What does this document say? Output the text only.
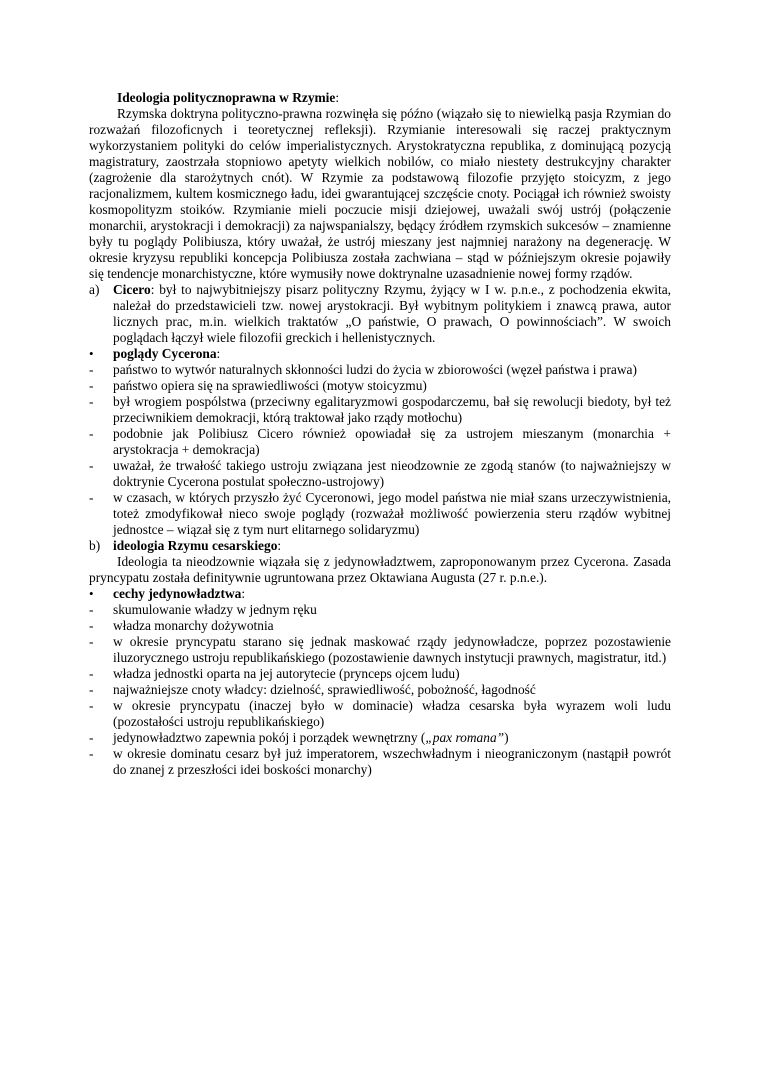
Ideologia politycznoprawna w Rzymie:

Rzymska doktryna polityczno-prawna rozwinęła się późno (wiązało się to niewielką pasja Rzymian do rozważań filozoficnych i teoretycznej refleksji). Rzymianie interesowali się raczej praktycznym wykorzystaniem polityki do celów imperialistycznych. Arystokratyczna republika, z dominującą pozycją magistratury, zaostrzała stopniowo apetyty wielkich nobilów, co miało niestety destrukcyjny charakter (zagrożenie dla starożytnych cnót). W Rzymie za podstawową filozofie przyjęto stoicyzm, z jego racjonalizmem, kultem kosmicznego ładu, idei gwarantującej szczęście cnoty. Pociągał ich również swoisty kosmopolityzm stoików. Rzymianie mieli poczucie misji dziejowej, uważali swój ustrój (połączenie monarchii, arystokracji i demokracji) za najwspanialszy, będący źródłem rzymskich sukcesów – znamienne były tu poglądy Polibiusza, który uważał, że ustrój mieszany jest najmniej narażony na degenerację. W okresie kryzysu republiki koncepcja Polibiusza została zachwiana – stąd w późniejszym okresie pojawiły się tendencje monarchistyczne, które wymusiły nowe doktrynalne uzasadnienie nowej formy rządów.

a)	Cicero: był to najwybitniejszy pisarz polityczny Rzymu, żyjący w I w. p.n.e., z pochodzenia ekwita, należał do przedstawicieli tzw. nowej arystokracji. Był wybitnym politykiem i znawcą prawa, autor licznych prac, m.in. wielkich traktatów „O państwie, O prawach, O powinnościach”. W swoich poglądach łączył wiele filozofii greckich i hellenistycznych.
•	poglądy Cycerona:
-	państwo to wytwór naturalnych skłonności ludzi do życia w zbiorowości (węzeł państwa i prawa)
-	państwo opiera się na sprawiedliwości (motyw stoicyzmu)
-	był wrogiem pospólstwa (przeciwny egalitaryzmowi gospodarczemu, bał się rewolucji biedoty, był też przeciwnikiem demokracji, którą traktował jako rządy motłochu)
-	podobnie jak Polibiusz Cicero również opowiadał się za ustrojem mieszanym (monarchia + arystokracja + demokracja)
-	uważał, że trwałość takiego ustroju związana jest nieodzownie ze zgodą stanów (to najważniejszy w doktrynie Cycerona postulat społeczno-ustrojowy)
-	w czasach, w których przyszło żyć Cyceronowi, jego model państwa nie miał szans urzeczywistnienia, toteż zmodyfikował nieco swoje poglądy (rozważał możliwość powierzenia steru rządów wybitnej jednostce – wiązał się z tym nurt elitarnego solidaryzmu)
b) ideologia Rzymu cesarskiego:

Ideologia ta nieodzownie wiązała się z jedynowładztwem, zaproponowanym przez Cycerona. Zasada pryncypatu została definitywnie ugruntowana przez Oktawiana Augusta (27 r. p.n.e.).

•	cechy jedynowładztwa:
-	skumulowanie władzy w jednym ręku
-	władza monarchy dożywotnia
-	w okresie pryncypatu starano się jednak maskować rządy jedynowładcze, poprzez pozostawienie iluzorycznego ustroju republikańskiego (pozostawienie dawnych instytucji prawnych, magistratur, itd.)
-	władza jednostki oparta na jej autorytecie (prynceps ojcem ludu)
-	najważniejsze cnoty władcy: dzielność, sprawiedliwość, pobożność, łagodność
-	w okresie pryncypatu (inaczej było w dominacie) władza cesarska była wyrazem woli ludu (pozostałości ustroju republikańskiego)
-	jedynowładztwo zapewnia pokój i porządek wewnętrzny („pax romana”)
-	w okresie dominatu cesarz był już imperatorem, wszechwładnym i nieograniczonym (nastąpił powrót do znanej z przeszłości idei boskości monarchy)
